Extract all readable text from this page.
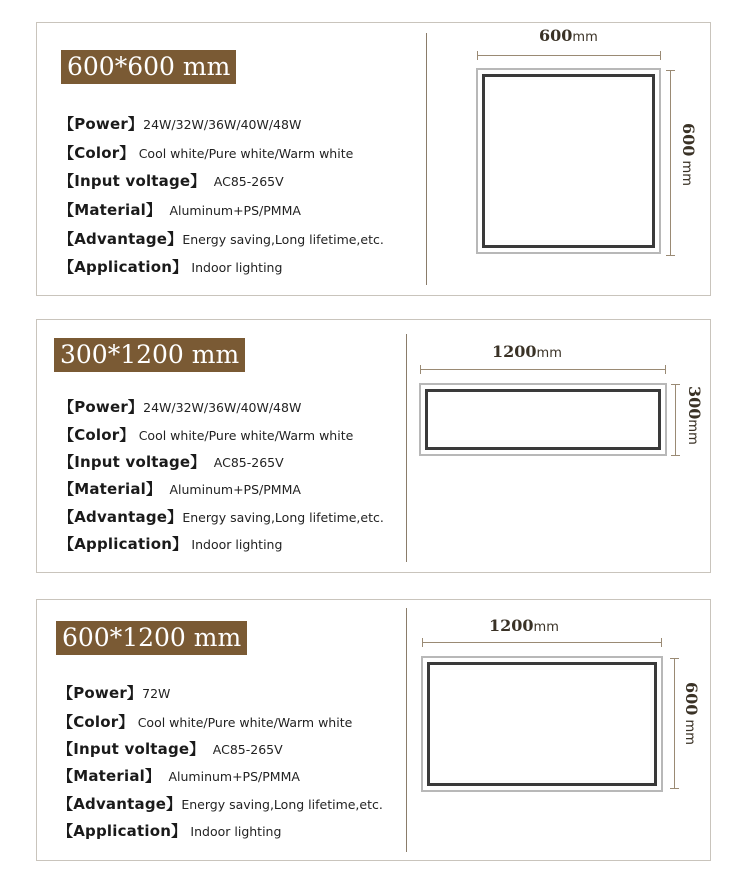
600*600 mm
【Power】24W/32W/36W/40W/48W
【Color】 Cool white/Pure white/Warm white
【Input voltage】 AC85-265V
【Material】 Aluminum+PS/PMMA
【Advantage】Energy saving,Long lifetime,etc.
【Application】 Indoor lighting
600mm
600 mm
300*1200 mm
【Power】24W/32W/36W/40W/48W
【Color】 Cool white/Pure white/Warm white
【Input voltage】 AC85-265V
【Material】 Aluminum+PS/PMMA
【Advantage】Energy saving,Long lifetime,etc.
【Application】 Indoor lighting
1200mm
300mm
600*1200 mm
【Power】72W
【Color】 Cool white/Pure white/Warm white
【Input voltage】 AC85-265V
【Material】 Aluminum+PS/PMMA
【Advantage】Energy saving,Long lifetime,etc.
【Application】 Indoor lighting
1200mm
600 mm
